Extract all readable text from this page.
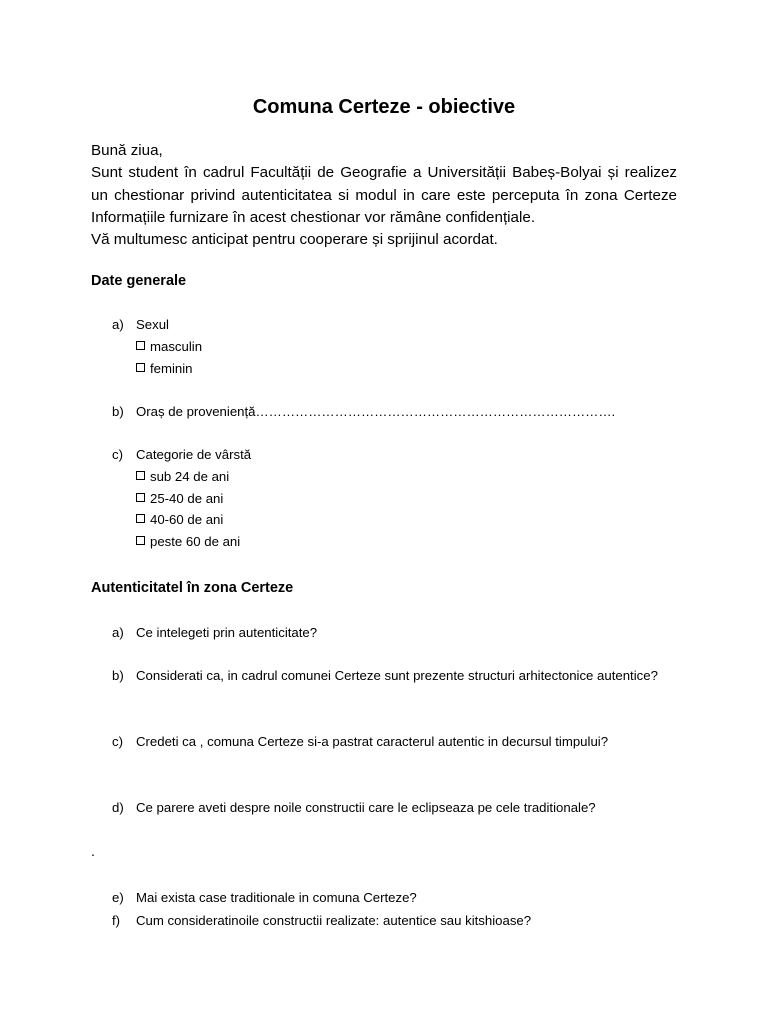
Comuna Certeze - obiective

Bună ziua,

Sunt student în cadrul Facultății de Geografie a Universității Babeș-Bolyai și realizez un chestionar privind autenticitatea si modul in care este perceputa în zona Certeze Informațiile furnizare în acest chestionar vor rămâne confidențiale.

Vă multumesc anticipat pentru cooperare și sprijinul acordat.

Date generale
a) Sexul
masculin
feminin
b) Oraș de proveniență……………………………………………………………………….
c) Categorie de vârstă
sub 24 de ani
25-40 de ani
40-60 de ani
peste 60 de ani
Autenticitatel în zona Certeze
a) Ce intelegeti prin autenticitate?
b) Considerati ca, in cadrul comunei Certeze sunt prezente structuri arhitectonice autentice?
c) Credeti ca , comuna Certeze si-a pastrat caracterul autentic in decursul timpului?
d) Ce parere aveti despre noile constructii care le eclipseaza pe cele traditionale?
.
e) Mai exista case traditionale in comuna Certeze?
f) Cum consideratinoile constructii realizate: autentice sau kitshioase?
